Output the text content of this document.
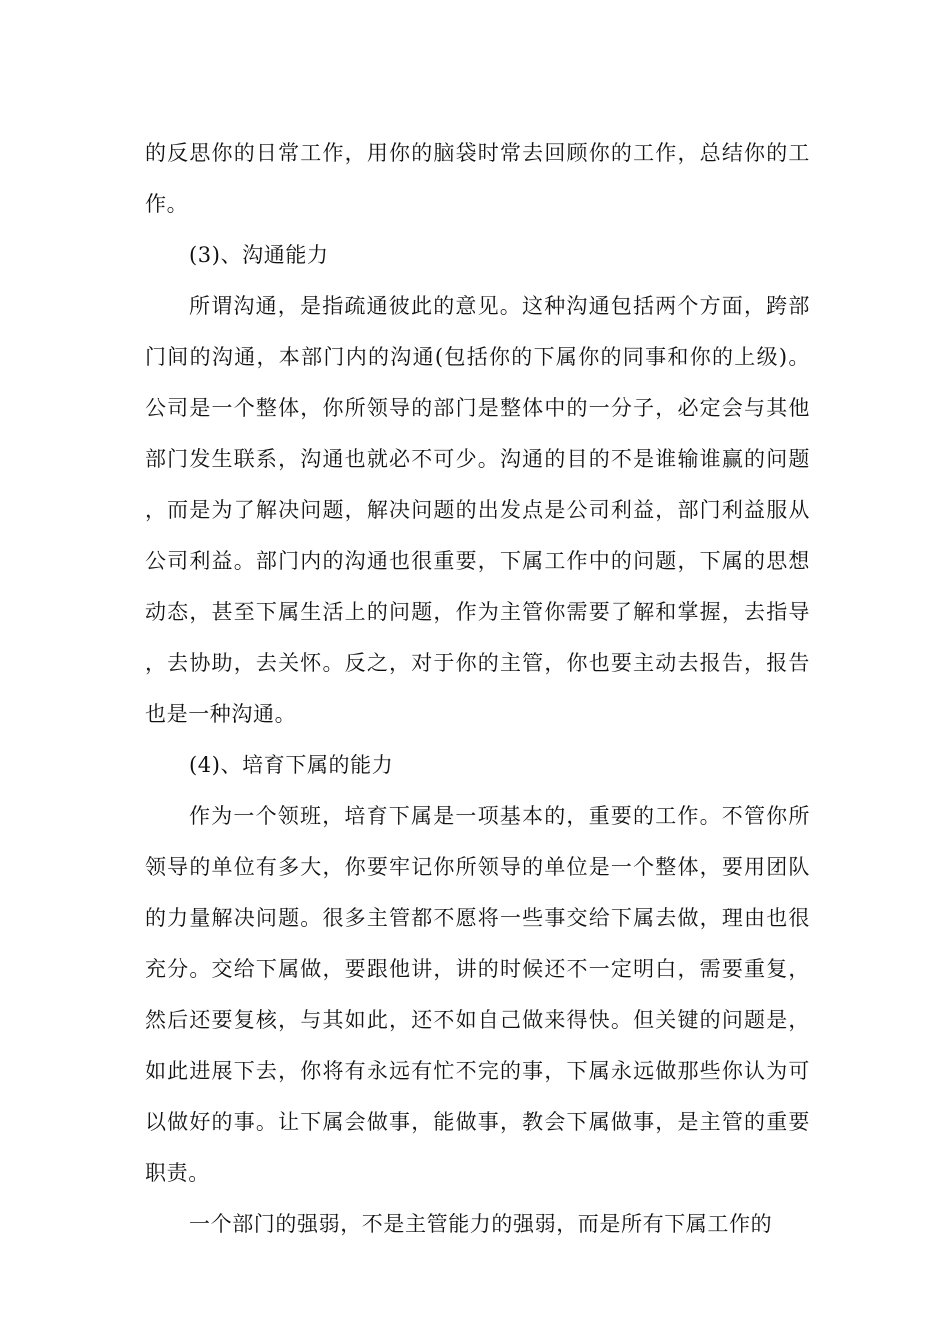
的反思你的日常工作，用你的脑袋时常去回顾你的工作，总结你的工作。

(3)、沟通能力

所谓沟通，是指疏通彼此的意见。这种沟通包括两个方面，跨部门间的沟通，本部门内的沟通(包括你的下属你的同事和你的上级)。公司是一个整体，你所领导的部门是整体中的一分子，必定会与其他部门发生联系，沟通也就必不可少。沟通的目的不是谁输谁赢的问题，而是为了解决问题，解决问题的出发点是公司利益，部门利益服从公司利益。部门内的沟通也很重要，下属工作中的问题，下属的思想动态，甚至下属生活上的问题，作为主管你需要了解和掌握，去指导，去协助，去关怀。反之，对于你的主管，你也要主动去报告，报告也是一种沟通。

(4)、培育下属的能力

作为一个领班，培育下属是一项基本的，重要的工作。不管你所领导的单位有多大，你要牢记你所领导的单位是一个整体，要用团队的力量解决问题。很多主管都不愿将一些事交给下属去做，理由也很充分。交给下属做，要跟他讲，讲的时候还不一定明白，需要重复，然后还要复核，与其如此，还不如自己做来得快。但关键的问题是，如此进展下去，你将有永远有忙不完的事，下属永远做那些你认为可以做好的事。让下属会做事，能做事，教会下属做事，是主管的重要职责。

一个部门的强弱，不是主管能力的强弱，而是所有下属工作的
